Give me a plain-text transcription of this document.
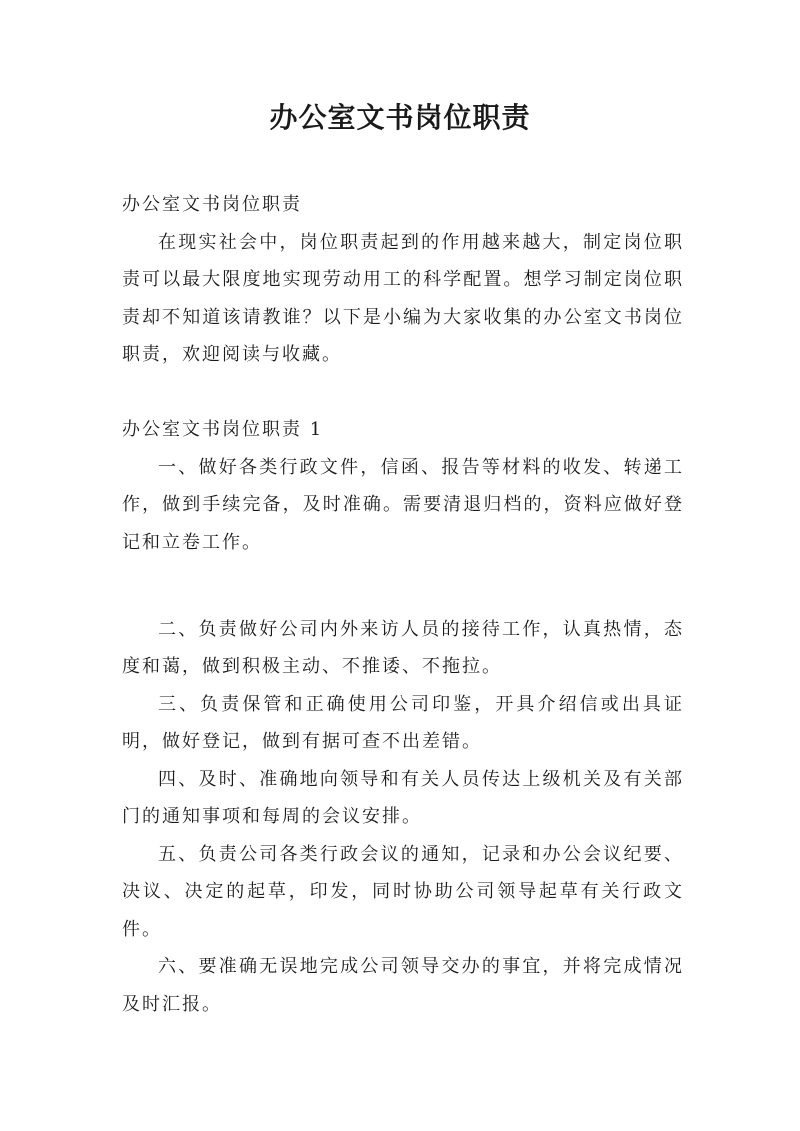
办公室文书岗位职责

办公室文书岗位职责

在现实社会中，岗位职责起到的作用越来越大，制定岗位职责可以最大限度地实现劳动用工的科学配置。想学习制定岗位职责却不知道该请教谁？以下是小编为大家收集的办公室文书岗位职责，欢迎阅读与收藏。

办公室文书岗位职责 1

一、做好各类行政文件，信函、报告等材料的收发、转递工作，做到手续完备，及时准确。需要清退归档的，资料应做好登记和立卷工作。

二、负责做好公司内外来访人员的接待工作，认真热情，态度和蔼，做到积极主动、不推诿、不拖拉。

三、负责保管和正确使用公司印鉴，开具介绍信或出具证明，做好登记，做到有据可查不出差错。

四、及时、准确地向领导和有关人员传达上级机关及有关部门的通知事项和每周的会议安排。

五、负责公司各类行政会议的通知，记录和办公会议纪要、决议、决定的起草，印发，同时协助公司领导起草有关行政文件。

六、要准确无误地完成公司领导交办的事宜，并将完成情况及时汇报。
